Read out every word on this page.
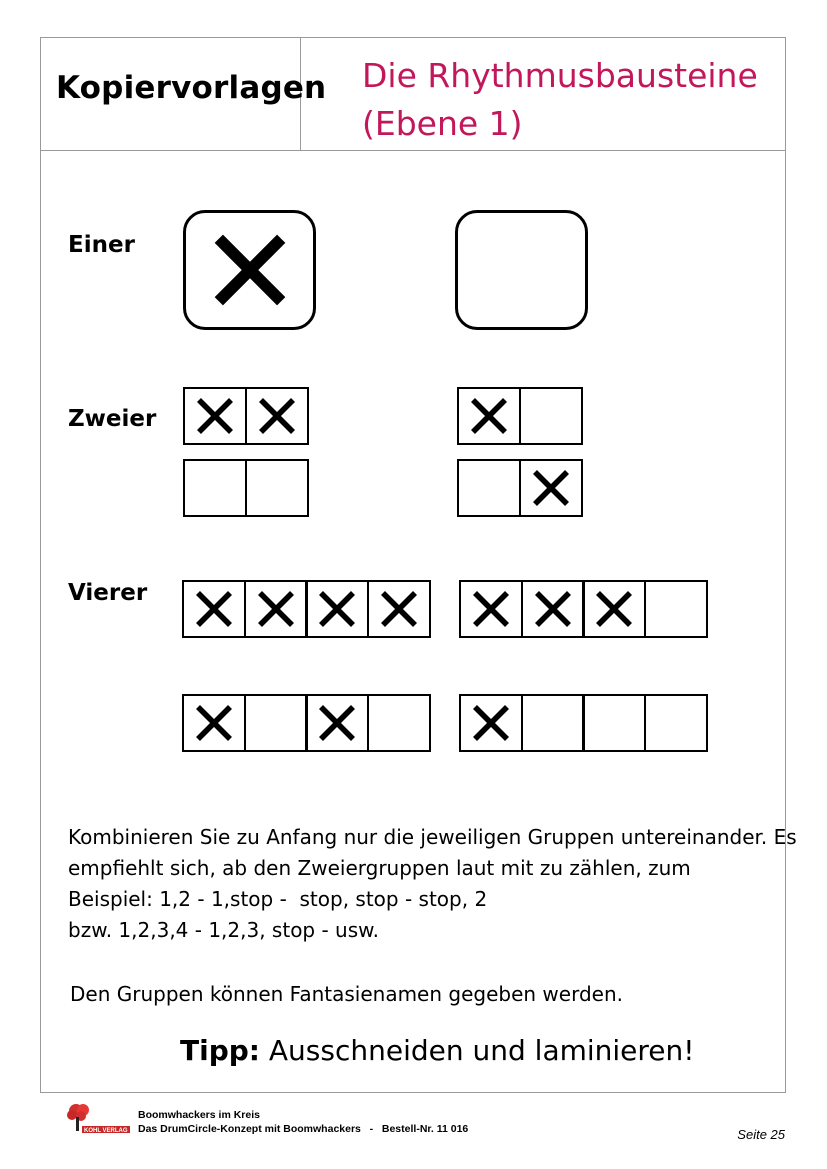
Kopiervorlagen Die Rhythmusbausteine
(Ebene 1)
Einer
Zweier
Vierer
Kombinieren Sie zu Anfang nur die jeweiligen Gruppen untereinander. Es
empfiehlt sich, ab den Zweiergruppen laut mit zu zählen, zum
Beispiel: 1,2 - 1,stop -  stop, stop - stop, 2
bzw. 1,2,3,4 - 1,2,3, stop - usw.
Den Gruppen können Fantasienamen gegeben werden.
Tipp: Ausschneiden und laminieren!
KOHL VERLAG
Boomwhackers im Kreis
Das DrumCircle-Konzept mit Boomwhackers   -   Bestell-Nr. 11 016	Seite 25
